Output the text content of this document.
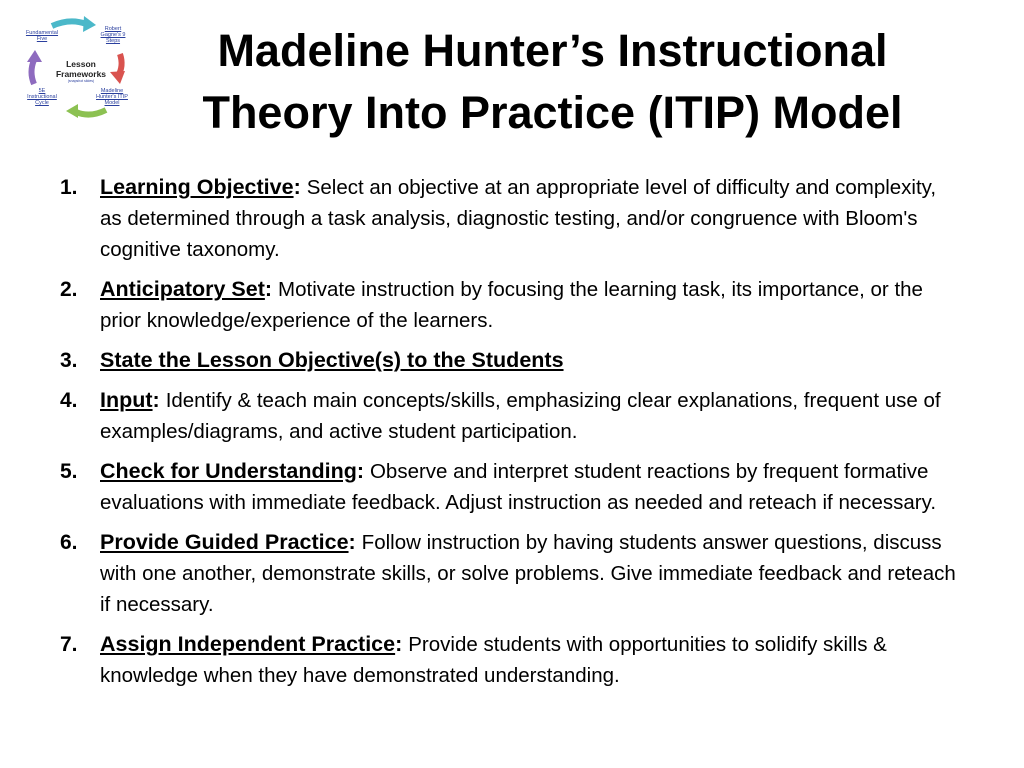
Fundamental Five
Robert Gagne's 9 Steps
Madeline Hunter's ITIP Model
5E Instructional Cycle
Lesson Frameworks
(snapshot slides)
Madeline Hunter’s Instructional Theory Into Practice (ITIP) Model
1. Learning Objective: Select an objective at an appropriate level of difficulty and complexity, as determined through a task analysis, diagnostic testing, and/or congruence with Bloom's cognitive taxonomy.
2. Anticipatory Set: Motivate instruction by focusing the learning task, its importance, or the prior knowledge/experience of the learners.
3. State the Lesson Objective(s) to the Students
4. Input: Identify & teach main concepts/skills, emphasizing clear explanations, frequent use of examples/diagrams, and active student participation.
5. Check for Understanding: Observe and interpret student reactions by frequent formative evaluations with immediate feedback. Adjust instruction as needed and reteach if necessary.
6. Provide Guided Practice: Follow instruction by having students answer questions, discuss with one another, demonstrate skills, or solve problems. Give immediate feedback and reteach if necessary.
7. Assign Independent Practice: Provide students with opportunities to solidify skills & knowledge when they have demonstrated understanding.
